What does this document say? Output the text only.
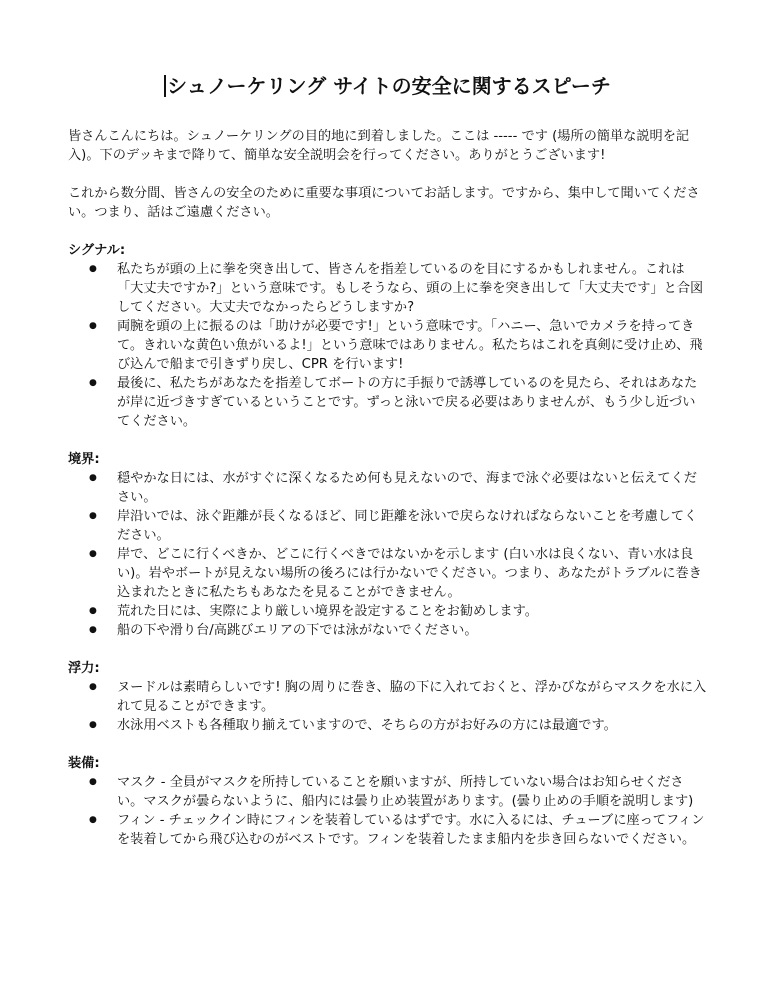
シュノーケリング サイトの安全に関するスピーチ

皆さんこんにちは。シュノーケリングの目的地に到着しました。ここは ----- です (場所の簡単な説明を記入)。下のデッキまで降りて、簡単な安全説明会を行ってください。ありがとうございます!

これから数分間、皆さんの安全のために重要な事項についてお話します。ですから、集中して聞いてください。つまり、話はご遠慮ください。

シグナル:

● 私たちが頭の上に拳を突き出して、皆さんを指差しているのを目にするかもしれません。これは「大丈夫ですか?」という意味です。もしそうなら、頭の上に拳を突き出して「大丈夫です」と合図してください。大丈夫でなかったらどうしますか?
● 両腕を頭の上に振るのは「助けが必要です!」という意味です。「ハニー、急いでカメラを持ってきて。きれいな黄色い魚がいるよ!」という意味ではありません。私たちはこれを真剣に受け止め、飛び込んで船まで引きずり戻し、CPR を行います!
● 最後に、私たちがあなたを指差してボートの方に手振りで誘導しているのを見たら、それはあなたが岸に近づきすぎているということです。ずっと泳いで戻る必要はありませんが、もう少し近づいてください。

境界:

● 穏やかな日には、水がすぐに深くなるため何も見えないので、海まで泳ぐ必要はないと伝えてください。
● 岸沿いでは、泳ぐ距離が長くなるほど、同じ距離を泳いで戻らなければならないことを考慮してください。
● 岸で、どこに行くべきか、どこに行くべきではないかを示します (白い水は良くない、青い水は良い)。岩やボートが見えない場所の後ろには行かないでください。つまり、あなたがトラブルに巻き込まれたときに私たちもあなたを見ることができません。
● 荒れた日には、実際により厳しい境界を設定することをお勧めします。
● 船の下や滑り台/高跳びエリアの下では泳がないでください。

浮力:

● ヌードルは素晴らしいです! 胸の周りに巻き、脇の下に入れておくと、浮かびながらマスクを水に入れて見ることができます。
● 水泳用ベストも各種取り揃えていますので、そちらの方がお好みの方には最適です。

装備:

● マスク - 全員がマスクを所持していることを願いますが、所持していない場合はお知らせください。マスクが曇らないように、船内には曇り止め装置があります。(曇り止めの手順を説明します)
● フィン - チェックイン時にフィンを装着しているはずです。水に入るには、チューブに座ってフィンを装着してから飛び込むのがベストです。フィンを装着したまま船内を歩き回らないでください。
